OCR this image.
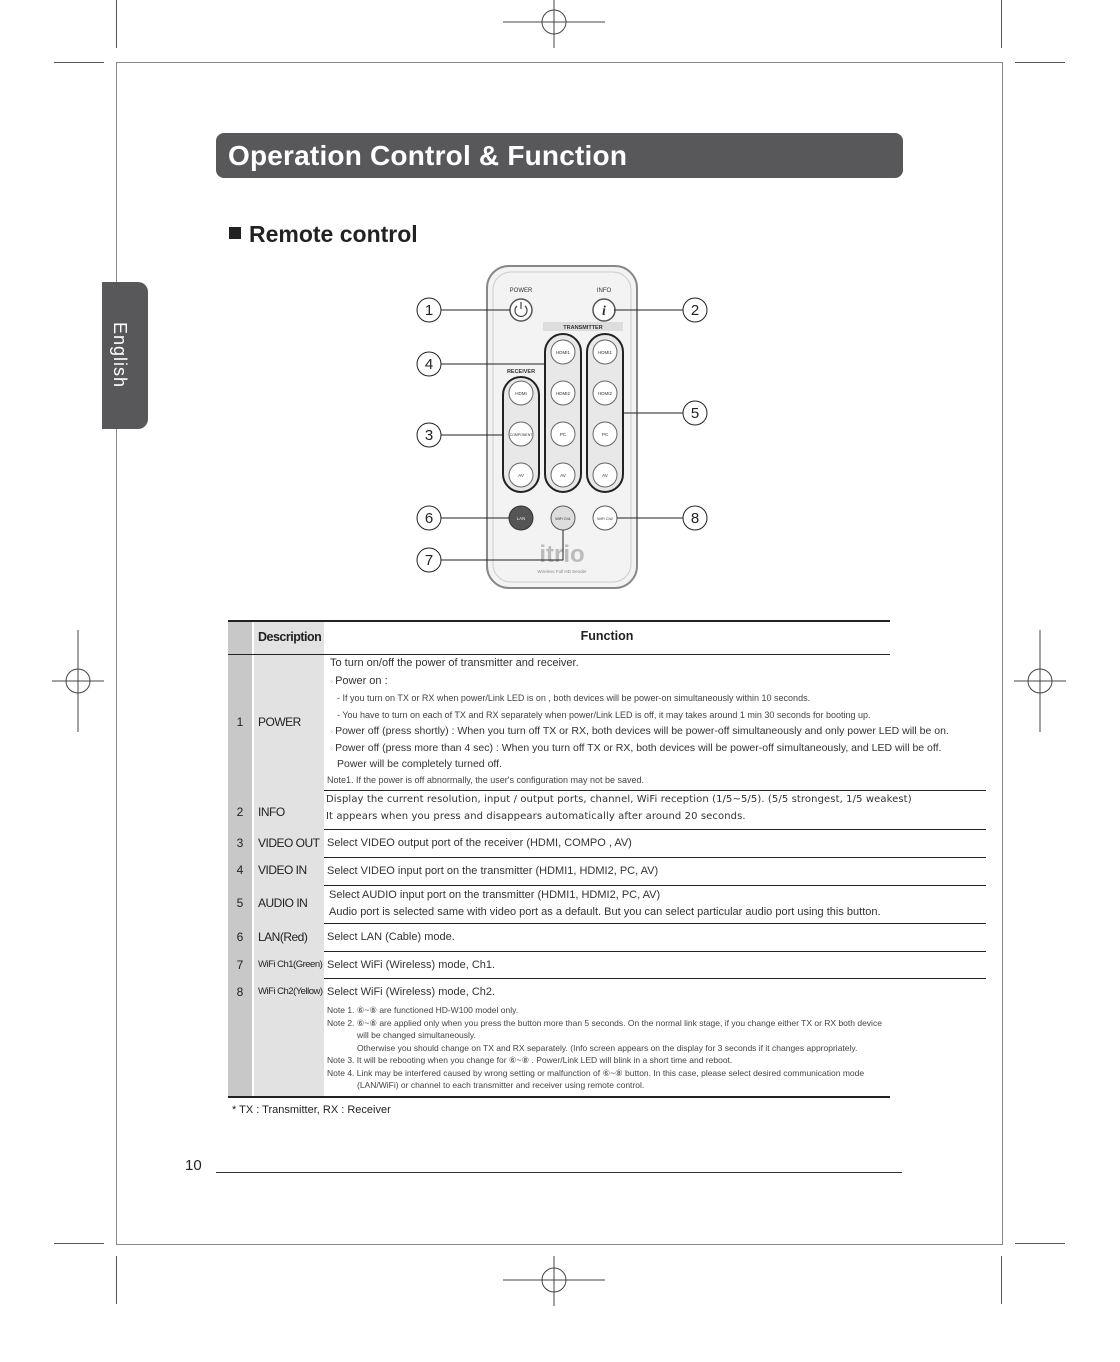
English
Operation Control & Function
Remote control
POWER	INFO
i
TRANSMITTER
RECEIVER
HDMI
COMPONENT
AV
HDMI1
HDMI2
PC
AV
HDMI1
HDMI2
PC
AV
LAN	WiFi Ch1	WiFi Ch2
itrio
Wireless Full HD Sender
1	2
3
4
5
6
7
8
Description	Function
1	POWER
To turn on/off the power of transmitter and receiver.
◦ Power on :
- If you turn on TX or RX when power/Link LED is on , both devices will be power-on simultaneously within 10 seconds.
- You have to turn on each of TX and RX separately when power/Link LED is off, it may takes around 1 min 30 seconds for booting up.
◦ Power off (press shortly) : When you turn off TX or RX, both devices will be power-off simultaneously and only power LED will be on.
◦ Power off (press more than 4 sec) : When you turn off TX or RX, both devices will be power-off simultaneously, and LED will be off.
Power will be completely turned off.
Note1. If the power is off abnormally, the user's configuration may not be saved.
2	INFO
Display the current resolution, input / output ports, channel, WiFi reception (1/5~5/5). (5/5 strongest, 1/5 weakest)
It appears when you press and disappears automatically after around 20 seconds.
3	VIDEO OUT Select VIDEO output port of the receiver (HDMI, COMPO , AV)
4	VIDEO IN Select VIDEO input port on the transmitter (HDMI1, HDMI2, PC, AV)
5	AUDIO IN
Select AUDIO input port on the transmitter (HDMI1, HDMI2, PC, AV)
Audio port is selected same with video port as a default. But you can select particular audio port using this button.
6	LAN(Red) Select LAN (Cable) mode.
7	WiFi Ch1(Green) Select WiFi (Wireless) mode, Ch1.
8	WiFi Ch2(Yellow) Select WiFi (Wireless) mode, Ch2.
Note 1. ⑥~⑧ are functioned HD-W100 model only.
Note 2. ⑥~⑧ are applied only when you press the button more than 5 seconds. On the normal link stage, if you change either TX or RX both device
will be changed simultaneously.
Otherwise you should change on TX and RX separately. (Info screen appears on the display for 3 seconds if it changes appropriately.
Note 3. It will be rebooting when you change for ⑥~⑧ . Power/Link LED will blink in a short time and reboot.
Note 4. Link may be interfered caused by wrong setting or malfunction of ⑥~⑧ button. In this case, please select desired communication mode
(LAN/WiFi) or channel to each transmitter and receiver using remote control.
* TX : Transmitter, RX : Receiver
10
